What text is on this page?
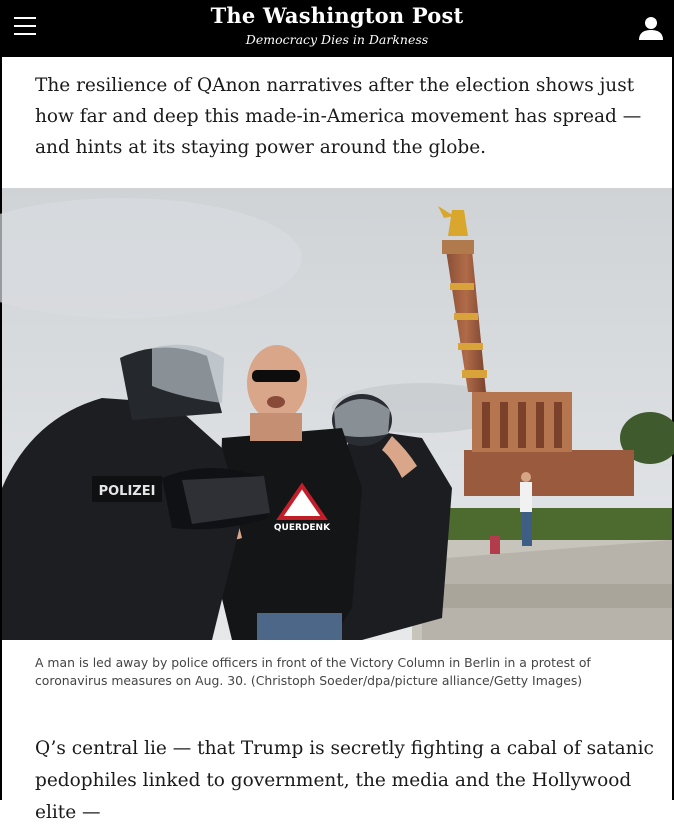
The Washington Post
Democracy Dies in Darkness

The resilience of QAnon narratives after the election shows just how far and deep this made-in-America movement has spread — and hints at its staying power around the globe.

QUERDENK
POLIZEI

A man is led away by police officers in front of the Victory Column in Berlin in a protest of coronavirus measures on Aug. 30. (Christoph Soeder/dpa/picture alliance/Getty Images)

Q’s central lie — that Trump is secretly fighting a cabal of satanic pedophiles linked to government, the media and the Hollywood elite —
